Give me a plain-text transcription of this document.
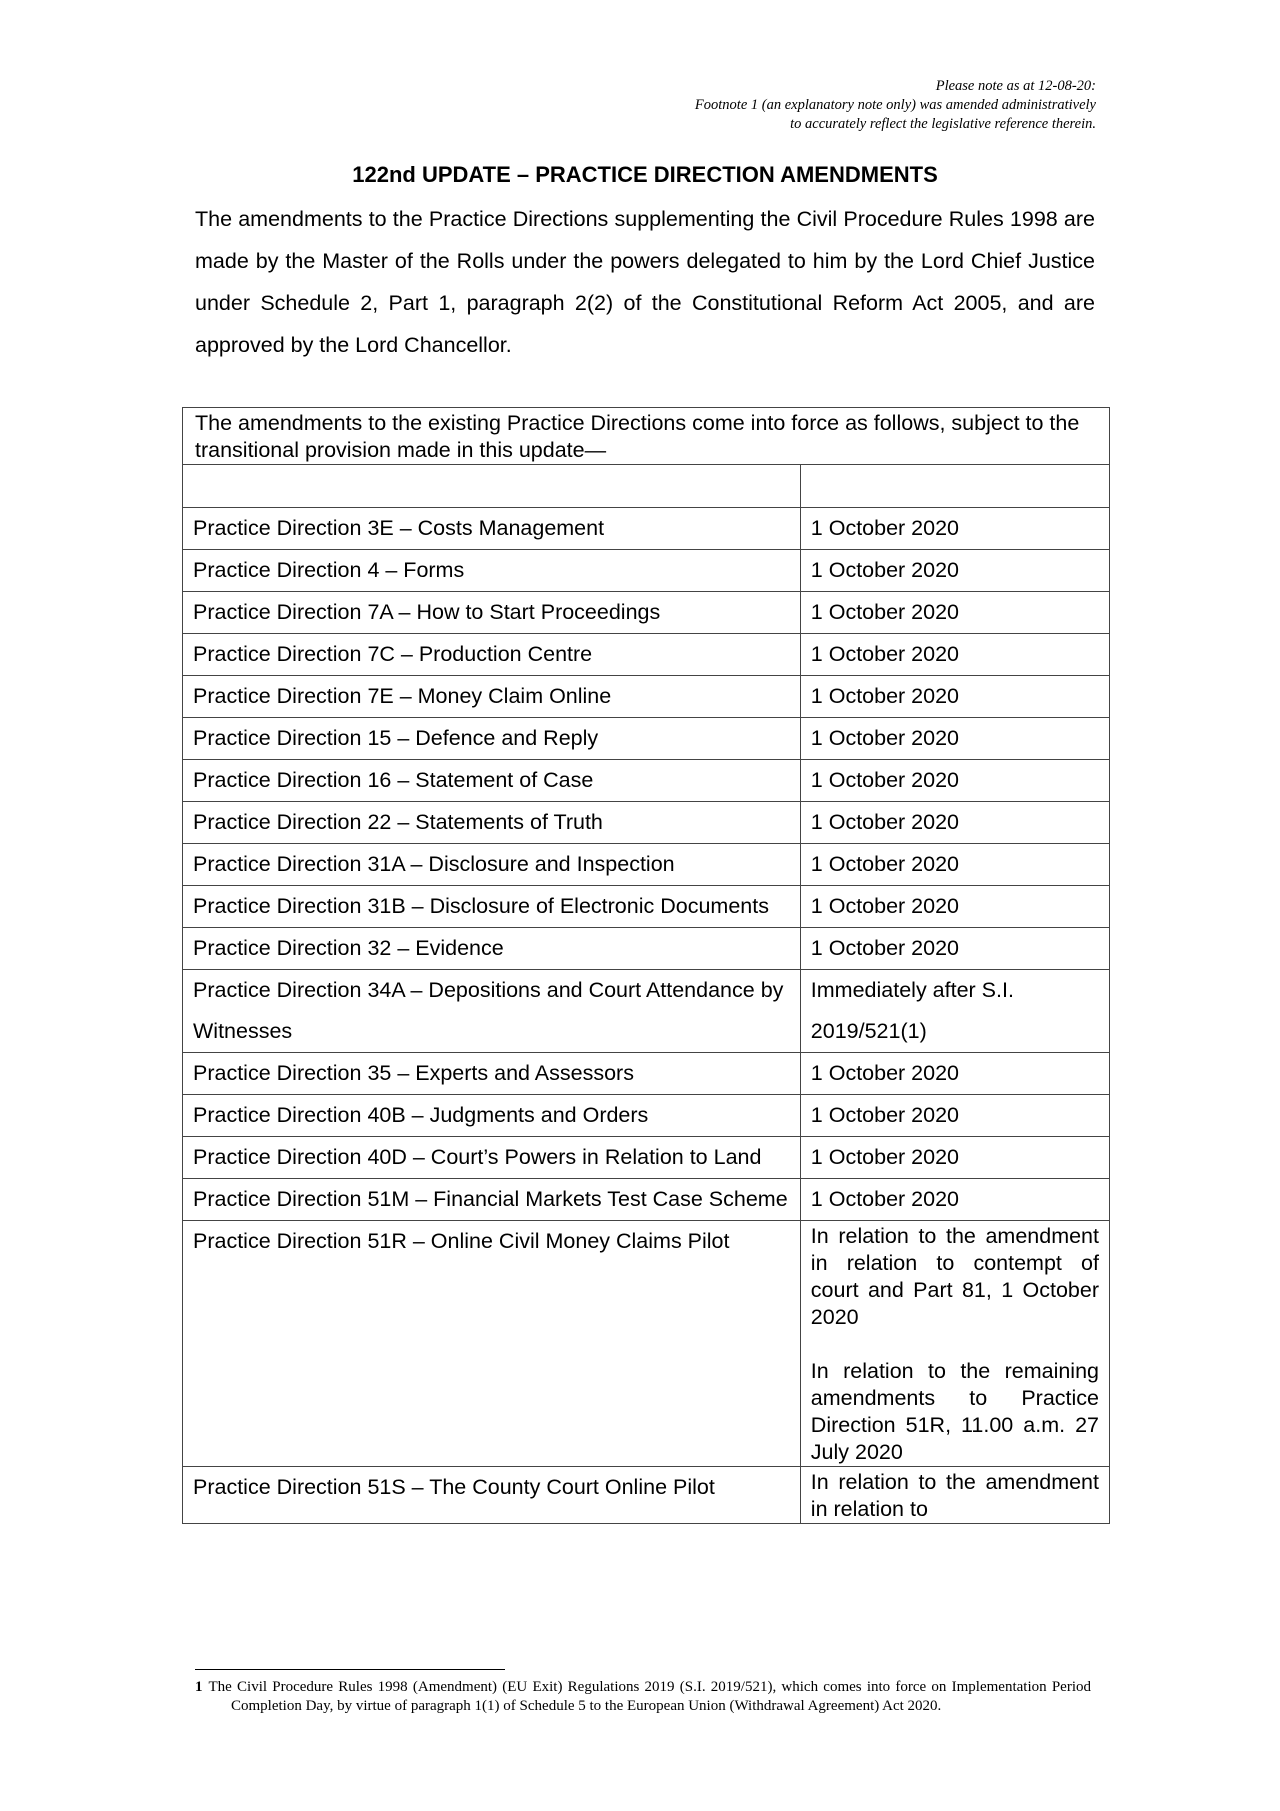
Please note as at 12-08-20:
Footnote 1 (an explanatory note only) was amended administratively
to accurately reflect the legislative reference therein.
122nd UPDATE – PRACTICE DIRECTION AMENDMENTS
The amendments to the Practice Directions supplementing the Civil Procedure Rules 1998 are made by the Master of the Rolls under the powers delegated to him by the Lord Chief Justice under Schedule 2, Part 1, paragraph 2(2) of the Constitutional Reform Act 2005, and are approved by the Lord Chancellor.
The amendments to the existing Practice Directions come into force as follows, subject to the transitional provision made in this update—	

Practice Direction 3E – Costs Management	1 October 2020
Practice Direction 4 – Forms	1 October 2020
Practice Direction 7A – How to Start Proceedings	1 October 2020
Practice Direction 7C – Production Centre	1 October 2020
Practice Direction 7E – Money Claim Online	1 October 2020
Practice Direction 15 – Defence and Reply	1 October 2020
Practice Direction 16 – Statement of Case	1 October 2020
Practice Direction 22 – Statements of Truth	1 October 2020
Practice Direction 31A – Disclosure and Inspection	1 October 2020
Practice Direction 31B – Disclosure of Electronic Documents	1 October 2020
Practice Direction 32 – Evidence	1 October 2020
Practice Direction 34A – Depositions and Court Attendance by Witnesses	Immediately after S.I. 2019/521(1)
Practice Direction 35 – Experts and Assessors	1 October 2020
Practice Direction 40B – Judgments and Orders	1 October 2020
Practice Direction 40D – Court’s Powers in Relation to Land	1 October 2020
Practice Direction 51M – Financial Markets Test Case Scheme	1 October 2020
Practice Direction 51R – Online Civil Money Claims Pilot	In relation to the amendment in relation to contempt of court and Part 81, 1 October 2020

In relation to the remaining amendments to Practice Direction 51R, 11.00 a.m. 27 July 2020

Practice Direction 51S – The County Court Online Pilot	In relation to the amendment in relation to

1 The Civil Procedure Rules 1998 (Amendment) (EU Exit) Regulations 2019 (S.I. 2019/521), which comes into force on Implementation Period Completion Day, by virtue of paragraph 1(1) of Schedule 5 to the European Union (Withdrawal Agreement) Act 2020.
